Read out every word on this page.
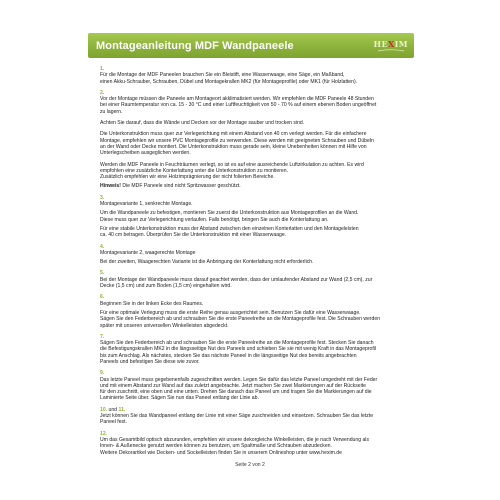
Montageanleitung MDF Wandpaneele	HEXIM
1.

Für die Montage der MDF Paneelen brauchen Sie ein Bleistift, eine Wasserwaage, eine Säge, ein Maßband,

einen Akku-Schrauber, Schrauben, Dübel und Montagekrallen MK2 (für Montageprofile) oder MK1 (für Holzlatten).

2.

Vor der Montage müssen die Paneele am Montageort akklimatisiert werden. Wir empfehlen die MDF Paneele 48 Stunden

bei einer Raumtemperatur von ca. 15 - 30 °C und einer Luftfeuchtigkeit von 50 - 70 % auf einem ebenen Boden ungeöffnet

zu lagern.

Achten Sie darauf, dass die Wände und Decken vor der Montage sauber und trocken sind.

Die Unterkonstruktion muss quer zur Verlegerichtung mit einem Abstand von 40 cm verlegt werden. Für die einfachere

Montage, empfehlen wir unsere PVC Montageprofile zu verwenden. Diese werden mit geeigneten Schrauben und Dübeln

an der Wand oder Decke montiert. Die Unterkonstruktion muss gerade sein, kleine Unebenheiten können mit Hilfe von

Unterlegscheiben ausgeglichen werden.

Werden die MDF Paneele in Feuchträumen verlegt, so ist es auf eine ausreichende Luftzirkulation zu achten. Es wird

empfohlen eine zusätzliche Konterlattung unter die Unterkonstruktion zu montieren.

Zusätzlich empfehlen wir eine Holzimprägnierung der nicht folierten Bereiche.

Hinweis! Die MDF Paneele sind nicht Spritzwasser geschützt.

3.

Montagevariante 1, senkrechte Montage.

Um die Wandpaneele zu befestigen, montieren Sie zuerst die Unterkonstruktion aus Montageprofilen an die Wand.

Diese muss quer zur Verlegerichtung verlaufen. Falls benötigt, bringen Sie auch die Konterlattung an.

Für eine stabile Unterkonstruktion muss der Abstand zwischen den einzelnen Konterlatten und den Montageleisten

ca. 40 cm betragen. Überprüfen Sie die Unterkonstruktion mit einer Wasserwaage.

4.

Montagevariante 2, waagerechte Montage

Bei der zweiten, Waagerechten Variante ist die Anbringung der Konterlattung nicht erforderlich.

5.

Bei der Montage der Wandpaneele muss darauf geachtet werden, dass der umlaufender Abstand zur Wand (2,5 cm), zur

Decke (1,5 cm) und zum Boden (1,5 cm) eingehalten wird.

6.

Beginnen Sie in der linken Ecke des Raumes.

Für eine optimale Verlegung muss die erste Reihe genau ausgerichtet sein. Benutzen Sie dafür eine Wasserwaage.

Sägen Sie den Federbereich ab und schrauben Sie die erste Paneelreihe an die Montageprofile fest. Die Schrauben werden

später mit unseren universellen Winkelleisten abgedeckt.

7.

Sägen Sie den Federbereich ab und schrauben Sie die erste Paneelreihe an die Montageprofile fest. Stecken Sie danach

die Befestigungskrallen MK2 in die längsseitige Nut des Paneels und schieben Sie sie mit wenig Kraft in das Montageprofil

bis zum Anschlag. Als nächstes, stecken Sie das nächste Paneel in die längsseitige Nut des bereits angebrachten

Paneels und befestigen Sie diese wie zuvor.

9.

Das letzte Paneel muss gegebenenfalls zugeschnitten werden. Legen Sie dafür das letzte Paneel umgedreht mit der Feder

und mit einem Abstand zur Wand auf das zuletzt angebrachte. Jetzt machen Sie zwei Markierungen auf der Rückseite

für den zuschnitt, eine oben und eine unten. Drehen Sie danach das Paneel um und tragen Sie die Markierungen auf die

Laminierte Seite über. Sägen Sie nun das Paneel entlang der Linie ab.

10. und 11.

Jetzt können Sie das Wandpaneel entlang der Linie mit einer Säge zuschneiden und einsetzen. Schrauben Sie das letzte

Paneel fest.

12.

Um das Gesamtbild optisch abzurunden, empfehlen wir unsere dekorgleiche Winkelleisten, die je nach Verwendung als

Innen- & Außenecke genutzt werden können zu benutzen, um Spaltmaße und Schrauben abzudecken.

Weitere Dekorartikel wie Decken- und Sockelleisten finden Sie in unserem Onlineshop unter www.hexim.de

Seite 2 von 2
